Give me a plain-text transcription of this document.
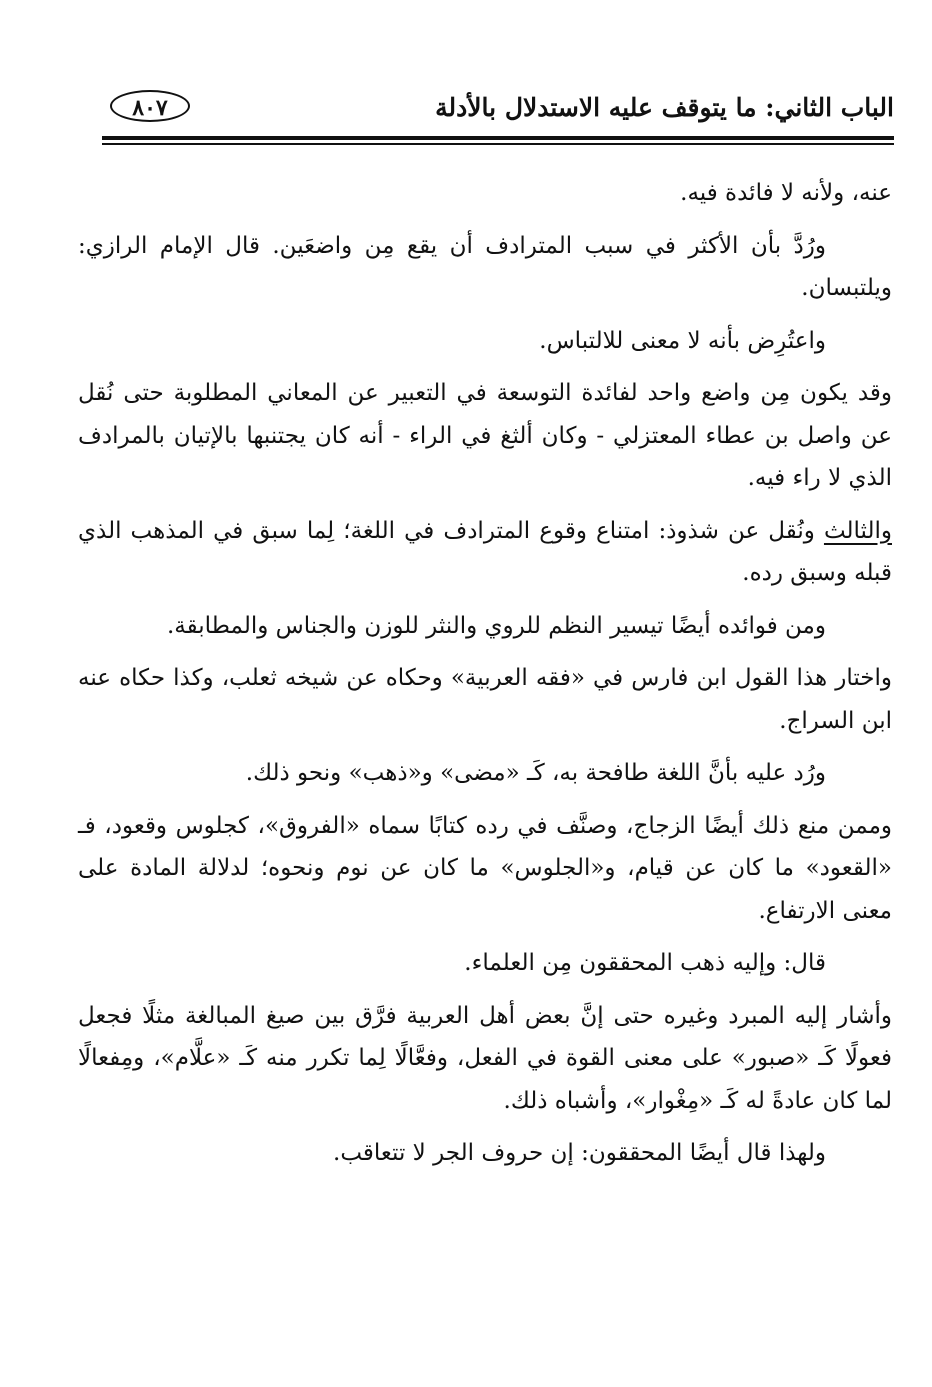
الباب الثاني: ما يتوقف عليه الاستدلال بالأدلة
٨٠٧

عنه، ولأنه لا فائدة فيه.

ورُدَّ بأن الأكثر في سبب المترادف أن يقع مِن واضعَين. قال الإمام الرازي: ويلتبسان.

واعتُرِض بأنه لا معنى للالتباس.

وقد يكون مِن واضع واحد لفائدة التوسعة في التعبير عن المعاني المطلوبة حتى نُقل عن واصل بن عطاء المعتزلي - وكان ألثغ في الراء - أنه كان يجتنبها بالإتيان بالمرادف الذي لا راء فيه.

والثالث ونُقل عن شذوذ: امتناع وقوع المترادف في اللغة؛ لِما سبق في المذهب الذي قبله وسبق رده.

ومن فوائده أيضًا تيسير النظم للروي والنثر للوزن والجناس والمطابقة.

واختار هذا القول ابن فارس في «فقه العربية» وحكاه عن شيخه ثعلب، وكذا حكاه عنه ابن السراج.

ورُد عليه بأنَّ اللغة طافحة به، كَـ «مضى» و«ذهب» ونحو ذلك.

وممن منع ذلك أيضًا الزجاج، وصنَّف في رده كتابًا سماه «الفروق»، كجلوس وقعود، فـ «القعود» ما كان عن قيام، و«الجلوس» ما كان عن نوم ونحوه؛ لدلالة المادة على معنى الارتفاع.

قال: وإليه ذهب المحققون مِن العلماء.

وأشار إليه المبرد وغيره حتى إنَّ بعض أهل العربية فرَّق بين صيغ المبالغة مثلًا فجعل فعولًا كَـ «صبور» على معنى القوة في الفعل، وفعَّالًا لِما تكرر منه كَـ «علَّام»، ومِفعالًا لما كان عادةً له كَـ «مِغْوار»، وأشباه ذلك.

ولهذا قال أيضًا المحققون: إن حروف الجر لا تتعاقب.
